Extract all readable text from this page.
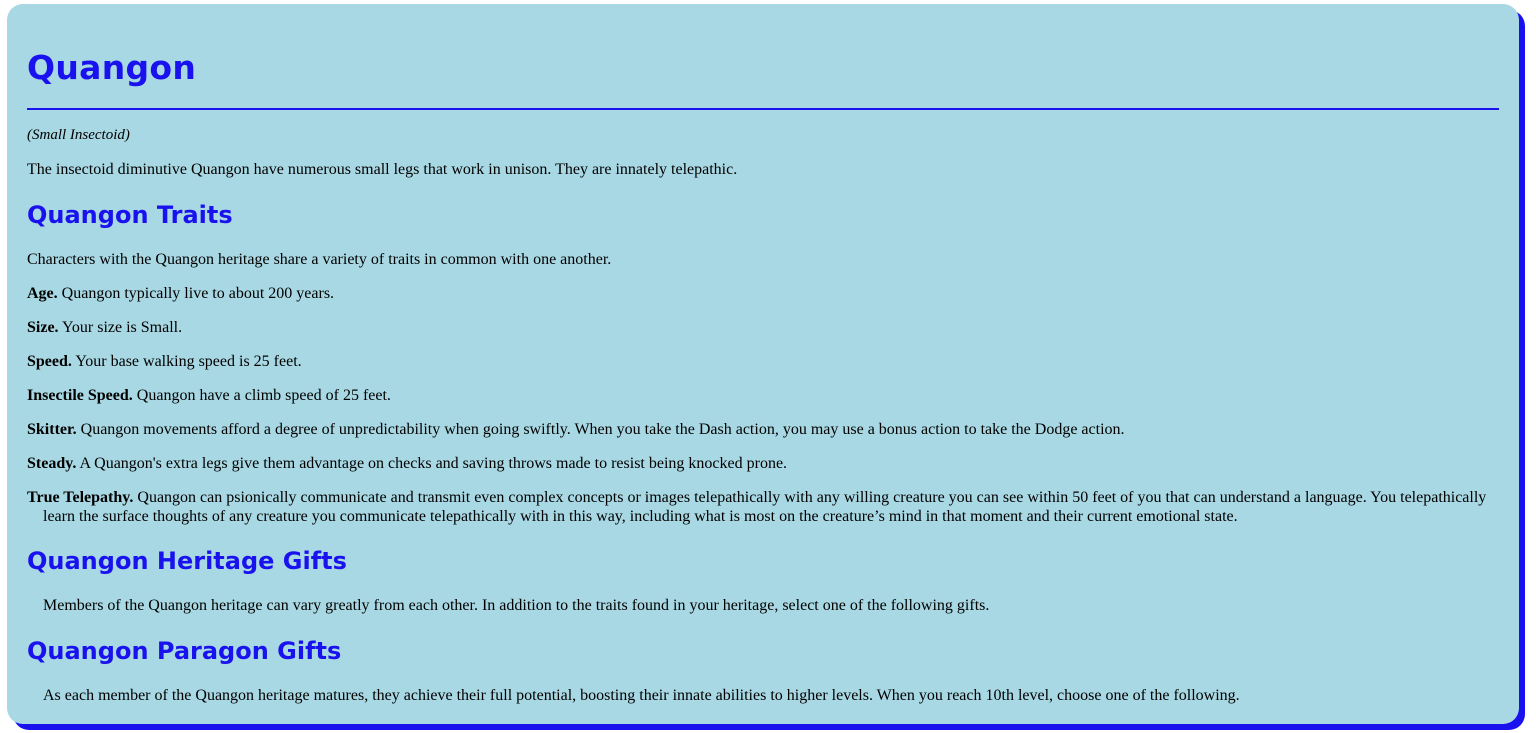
Quangon

(Small Insectoid)

The insectoid diminutive Quangon have numerous small legs that work in unison. They are innately telepathic.

Quangon Traits

Characters with the Quangon heritage share a variety of traits in common with one another.

Age. Quangon typically live to about 200 years.

Size. Your size is Small.

Speed. Your base walking speed is 25 feet.

Insectile Speed. Quangon have a climb speed of 25 feet.

Skitter. Quangon movements afford a degree of unpredictability when going swiftly. When you take the Dash action, you may use a bonus action to take the Dodge action.

Steady. A Quangon's extra legs give them advantage on checks and saving throws made to resist being knocked prone.

True Telepathy. Quangon can psionically communicate and transmit even complex concepts or images telepathically with any willing creature you can see within 50 feet of you that can understand a language. You telepathically learn the surface thoughts of any creature you communicate telepathically with in this way, including what is most on the creature’s mind in that moment and their current emotional state.

Quangon Heritage Gifts

Members of the Quangon heritage can vary greatly from each other. In addition to the traits found in your heritage, select one of the following gifts.

Quangon Paragon Gifts

As each member of the Quangon heritage matures, they achieve their full potential, boosting their innate abilities to higher levels. When you reach 10th level, choose one of the following.
